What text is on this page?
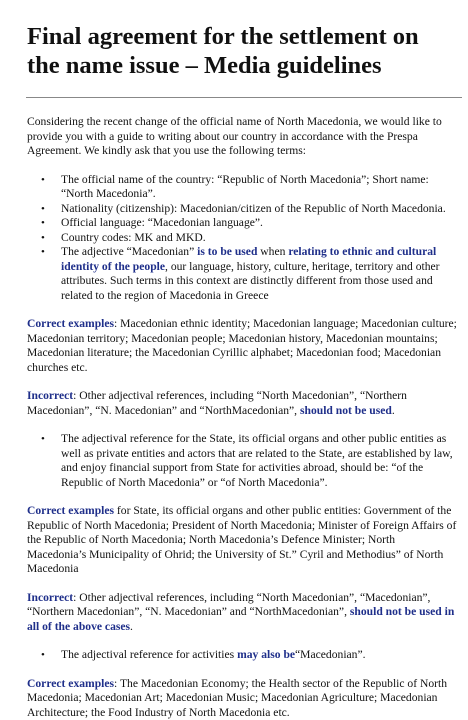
Final agreement for the settlement on the name issue – Media guidelines

Considering the recent change of the official name of North Macedonia, we would like to provide you with a guide to writing about our country in accordance with the Prespa Agreement. We kindly ask that you use the following terms:

• The official name of the country: “Republic of North Macedonia”; Short name: “North Macedonia”.
• Nationality (citizenship): Macedonian/citizen of the Republic of North Macedonia.
• Official language: “Macedonian language”.
• Country codes: MK and MKD.
• The adjective “Macedonian” is to be used when relating to ethnic and cultural identity of the people, our language, history, culture, heritage, territory and other attributes. Such terms in this context are distinctly different from those used and related to the region of Macedonia in Greece

Correct examples: Macedonian ethnic identity; Macedonian language; Macedonian culture; Macedonian territory; Macedonian people; Macedonian history, Macedonian mountains; Macedonian literature; the Macedonian Cyrillic alphabet; Macedonian food; Macedonian churches etc.

Incorrect: Other adjectival references, including “North Macedonian”, “Northern Macedonian”, “N. Macedonian” and “NorthMacedonian”, should not be used.

• The adjectival reference for the State, its official organs and other public entities as well as private entities and actors that are related to the State, are established by law, and enjoy financial support from State for activities abroad, should be: “of the Republic of North Macedonia” or “of North Macedonia”.

Correct examples for State, its official organs and other public entities: Government of the Republic of North Macedonia; President of North Macedonia; Minister of Foreign Affairs of the Republic of North Macedonia; North Macedonia’s Defence Minister; North Macedonia’s Municipality of Ohrid; the University of St.” Cyril and Methodius” of North Macedonia

Incorrect: Other adjectival references, including “North Macedonian”, “Macedonian”, “Northern Macedonian”, “N. Macedonian” and “NorthMacedonian”, should not be used in all of the above cases.

• The adjectival reference for activities may also be“Macedonian”.

Correct examples: The Macedonian Economy; the Health sector of the Republic of North Macedonia; Macedonian Art; Macedonian Music; Macedonian Agriculture; Macedonian Architecture; the Food Industry of North Macedonia etc.
